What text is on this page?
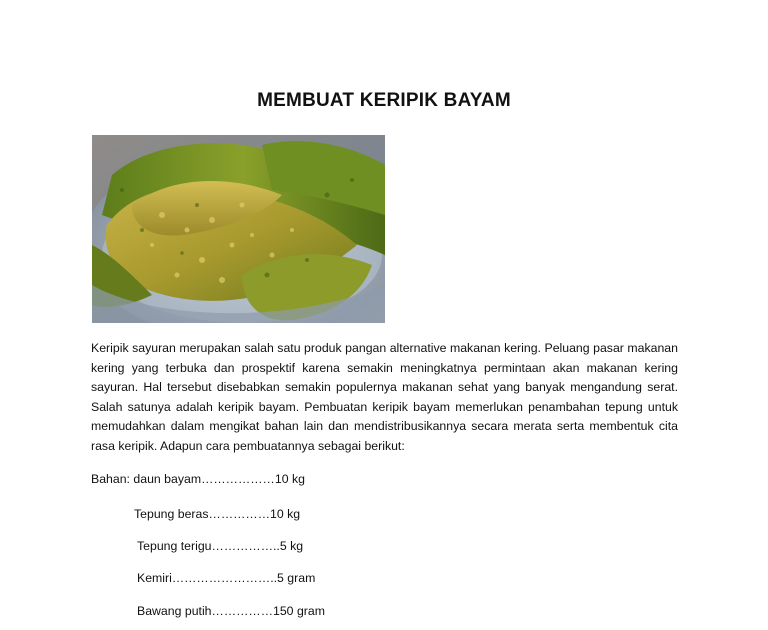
MEMBUAT KERIPIK BAYAM
Keripik sayuran merupakan salah satu produk pangan alternative makanan kering. Peluang pasar makanan kering yang terbuka dan prospektif karena semakin meningkatnya permintaan akan makanan kering sayuran. Hal tersebut disebabkan semakin populernya makanan sehat yang banyak mengandung serat. Salah satunya adalah keripik bayam. Pembuatan keripik bayam memerlukan penambahan tepung untuk memudahkan dalam mengikat bahan lain dan mendistribusikannya secara merata serta membentuk cita rasa keripik. Adapun cara pembuatannya sebagai berikut:
Bahan: daun bayam………………10 kg
Tepung beras……………10 kg
Tepung terigu……………..5 kg
Kemiri……………………..5 gram
Bawang putih……………150 gram
